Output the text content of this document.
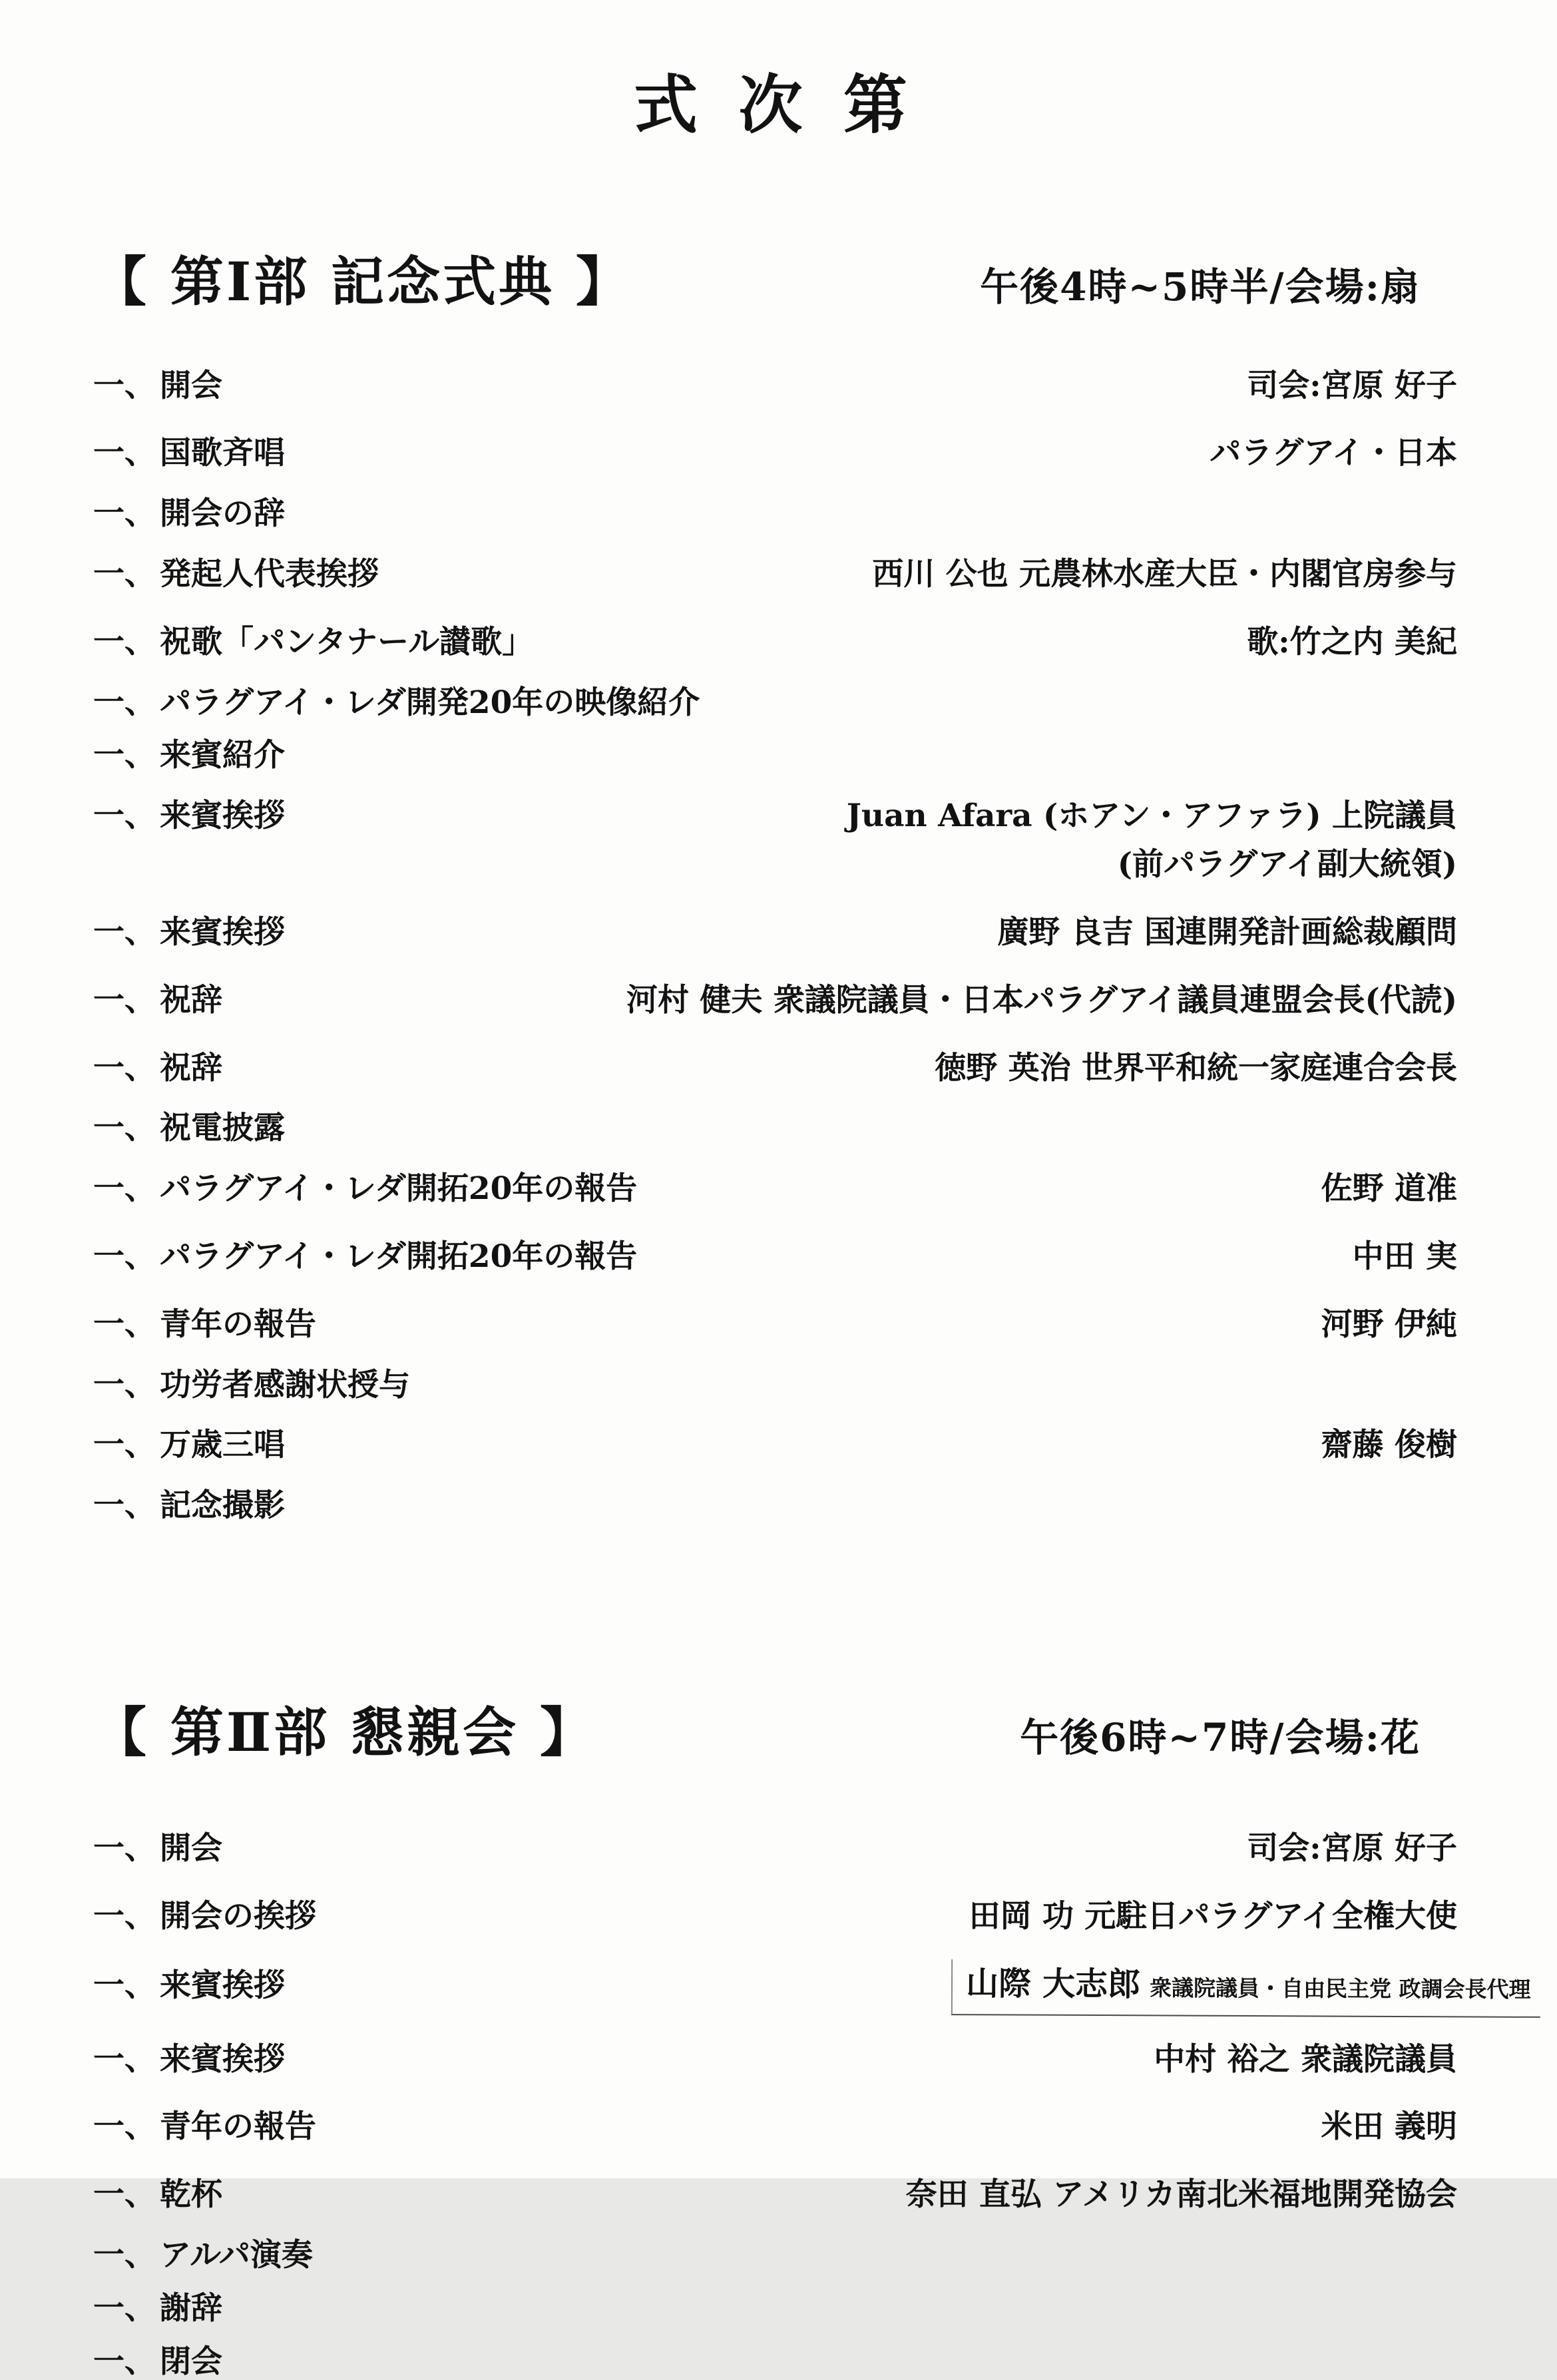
式 次 第
【 第Ⅰ部 記念式典 】	午後4時~5時半/会場:扇
一、 開会	司会:宮原 好子
一、 国歌斉唱	パラグアイ・日本
一、 開会の辞
一、 発起人代表挨拶	西川 公也 元農林水産大臣・内閣官房参与
一、 祝歌「パンタナール讃歌」	歌:竹之内 美紀
一、 パラグアイ・レダ開発20年の映像紹介
一、 来賓紹介
一、 来賓挨拶	Juan Afara (ホアン・アファラ) 上院議員
(前パラグアイ副大統領)
一、 来賓挨拶	廣野 良吉 国連開発計画総裁顧問
一、 祝辞	河村 健夫 衆議院議員・日本パラグアイ議員連盟会長(代読)
一、 祝辞	徳野 英治 世界平和統一家庭連合会長
一、 祝電披露
一、 パラグアイ・レダ開拓20年の報告	佐野 道准
一、 パラグアイ・レダ開拓20年の報告	中田 実
一、 青年の報告	河野 伊純
一、 功労者感謝状授与
一、 万歳三唱	齋藤 俊樹
一、 記念撮影
【 第Ⅱ部 懇親会 】	午後6時~7時/会場:花
一、 開会	司会:宮原 好子
一、 開会の挨拶	田岡 功 元駐日パラグアイ全権大使
一、 来賓挨拶	山際 大志郎 衆議院議員・自由民主党 政調会長代理
一、 来賓挨拶	中村 裕之 衆議院議員
一、 青年の報告	米田 義明
一、 乾杯	奈田 直弘 アメリカ南北米福地開発協会
一、 アルパ演奏
一、 謝辞
一、 閉会
